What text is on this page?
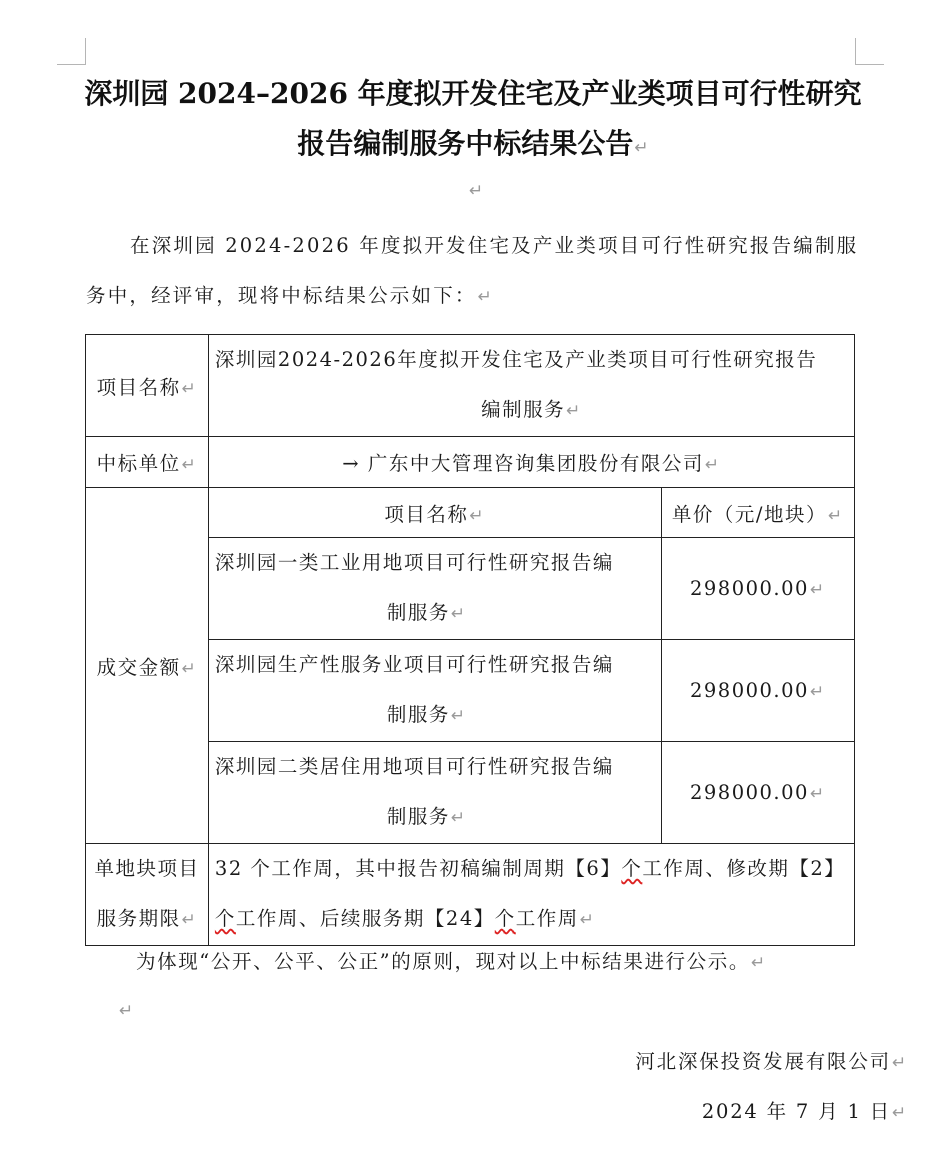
深圳园 2024–2026 年度拟开发住宅及产业类项目可行性研究
报告编制服务中标结果公告↵
↵
在深圳园 2024-2026 年度拟开发住宅及产业类项目可行性研究报告编制服
务中，经评审，现将中标结果公示如下：↵
项目名称↵	深圳园2024-2026年度拟开发住宅及产业类项目可行性研究报告
编制服务↵	

中标单位↵	→ 广东中大管理咨询集团股份有限公司↵	
成交金额↵	项目名称↵	单价（元/地块）↵
	深圳园一类工业用地项目可行性研究报告编
制服务↵	298000.00↵
	深圳园生产性服务业项目可行性研究报告编
制服务↵	298000.00↵
	深圳园二类居住用地项目可行性研究报告编
制服务↵	298000.00↵
单地块项目
服务期限↵	32 个工作周，其中报告初稿编制周期【6】个工作周、修改期【2】个工作周、后续服务期【24】个工作周↵	
为体现“公开、公平、公正”的原则，现对以上中标结果进行公示。↵
↵
河北深保投资发展有限公司↵
2024 年 7 月 1 日↵
